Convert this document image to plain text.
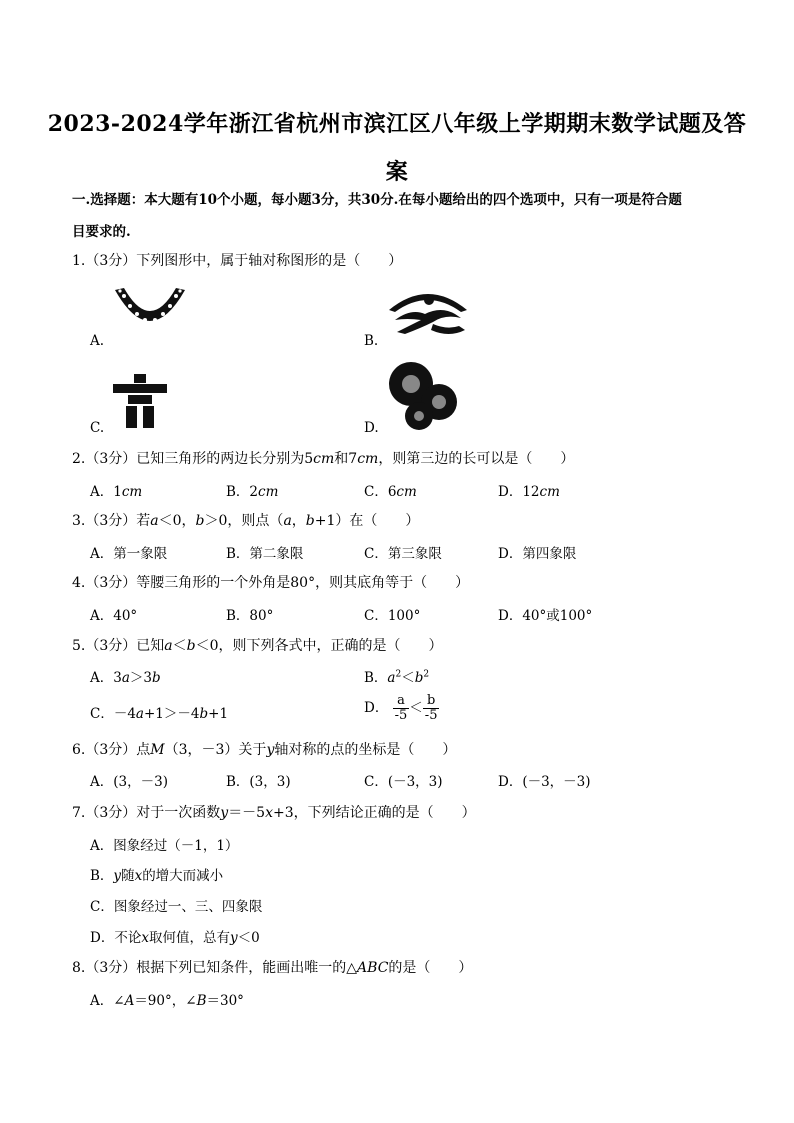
2023-2024学年浙江省杭州市滨江区八年级上学期期末数学试题及答案
一.选择题：本大题有10个小题，每小题3分，共30分.在每小题给出的四个选项中，只有一项是符合题
目要求的.
1.（3分）下列图形中，属于轴对称图形的是（　　）
A.	B.
C.	D.
2.（3分）已知三角形的两边长分别为5cm和7cm，则第三边的长可以是（　　）
A．1cm	B．2cm	C．6cm	D．12cm
3.（3分）若a＜0，b＞0，则点（a，b+1）在（　　）
A．第一象限	B．第二象限	C．第三象限	D．第四象限
4.（3分）等腰三角形的一个外角是80°，则其底角等于（　　）
A．40°	B．80°	C．100°	D．40°或100°
5.（3分）已知a＜b＜0，则下列各式中，正确的是（　　）
A．3a＞3b	B．$a^2<b^2$
C．－4a+1＞－4b+1	D． $\frac{a}{-5} < \frac{b}{-5}$
6.（3分）点M（3，－3）关于y轴对称的点的坐标是（　　）
A．(3，－3)	B．(3，3)	C．(－3，3)	D．(－3，－3)
7.（3分）对于一次函数y＝－5x+3，下列结论正确的是（　　）
A．图象经过（－1，1）
B．y随x的增大而减小
C．图象经过一、三、四象限
D．不论x取何值，总有y＜0
8.（3分）根据下列已知条件，能画出唯一的△ABC的是（　　）
A．∠A＝90°，∠B＝30°
